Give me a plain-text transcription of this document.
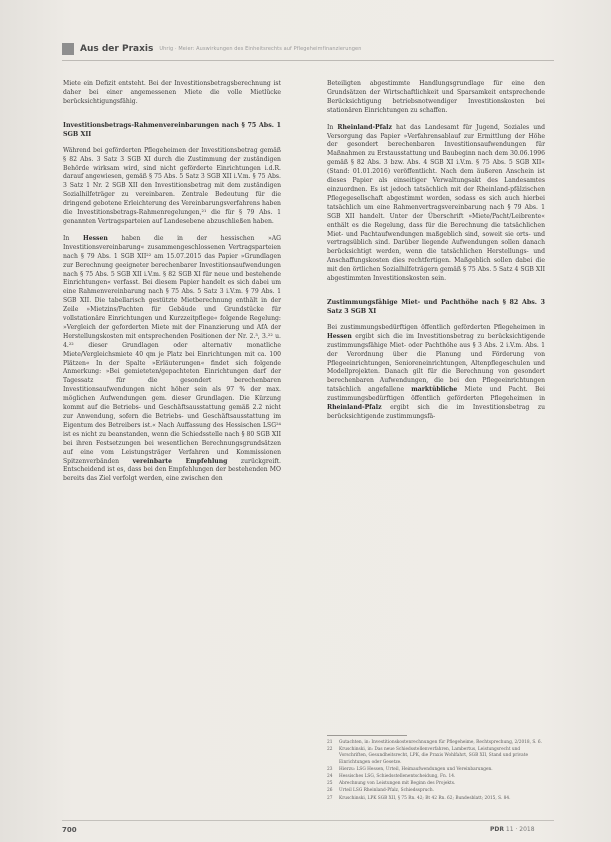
Aus der Praxis Uhrig · Meier: Auswirkungen des Einheitsrechts auf Pflegeheimfinanzierungen

Miete ein Defizit entsteht. Bei der Investitionsbetragsberechnung ist daher bei einer angemessenen Miete die volle Mietlücke berücksichtigungsfähig.

Investitionsbetrags-Rahmenvereinbarungen nach § 75 Abs. 1 SGB XII

Während bei geförderten Pflegeheimen der Investitionsbetrag gemäß § 82 Abs. 3 Satz 3 SGB XI durch die Zustimmung der zuständigen Behörde wirksam wird, sind nicht geförderte Einrichtungen i.d.R. darauf angewiesen, gemäß § 75 Abs. 5 Satz 3 SGB XII i.V.m. § 75 Abs. 3 Satz 1 Nr. 2 SGB XII den Investitionsbetrag mit dem zuständigen Sozialhilfeträger zu vereinbaren. Zentrale Bedeutung für die dringend gebotene Erleichterung des Vereinbarungsverfahrens haben die Investitionsbetrags-Rahmenregelungen,²¹ die für § 79 Abs. 1 genannten Vertragsparteien auf Landesebene abzuschließen haben.

In Hessen haben die in der hessischen »AG Investitionsvereinbarung« zusammengeschlossenen Vertragsparteien nach § 79 Abs. 1 SGB XII²² am 15.07.2015 das Papier »Grundlagen zur Berechnung geeigneter berechenbarer Investitionsaufwendungen nach § 75 Abs. 5 SGB XII i.V.m. § 82 SGB XI für neue und bestehende Einrichtungen« verfasst. Bei diesem Papier handelt es sich dabei um eine Rahmenvereinbarung nach § 75 Abs. 5 Satz 3 i.V.m. § 79 Abs. 1 SGB XII. Die tabellarisch gestützte Mietberechnung enthält in der Zeile »Mietzins/Pachten für Gebäude und Grundstücke für vollstationäre Einrichtungen und Kurzzeitpflege« folgende Regelung: »Vergleich der geforderten Miete mit der Finanzierung und AfA der Herstellungskosten mit entsprechenden Positionen der Nr. 2.³, 3.²² u. 4.²² dieser Grundlagen oder alternativ monatliche Miete/Vergleichsmiete 40 qm je Platz bei Einrichtungen mit ca. 100 Plätzen« In der Spalte »Erläuterungen« findet sich folgende Anmerkung: »Bei gemieteten/gepachteten Einrichtungen darf der Tagessatz für die gesondert berechenbaren Investitionsaufwendungen nicht höher sein als 97 % der max. möglichen Aufwendungen gem. dieser Grundlagen. Die Kürzung kommt auf die Betriebs- und Geschäftsausstattung gemäß 2.2 nicht zur Anwendung, sofern die Betriebs- und Geschäftsausstattung im Eigentum des Betreibers ist.« Nach Auffassung des Hessischen LSG²⁴ ist es nicht zu beanstanden, wenn die Schiedsstelle nach § 80 SGB XII bei ihren Festsetzungen bei wesentlichen Berechnungsgrundsätzen auf eine vom Leistungsträger Verfahren und Kommissionen Spitzenverbänden vereinbarte Empfehlung zurückgreift. Entscheidend ist es, dass bei den Empfehlungen der bestehenden MO bereits das Ziel verfolgt werden, eine zwischen den

Beteiligten abgestimmte Handlungsgrundlage für eine den Grundsätzen der Wirtschaftlichkeit und Sparsamkeit entsprechende Berücksichtigung betriebsnotwendiger Investitionskosten bei stationären Einrichtungen zu schaffen.

In Rheinland-Pfalz hat das Landesamt für Jugend, Soziales und Versorgung das Papier »Verfahrensablauf zur Ermittlung der Höhe der gesondert berechenbaren Investitionsaufwendungen für Maßnahmen zu Erstausstattung und Baubeginn nach dem 30.06.1996 gemäß § 82 Abs. 3 bzw. Abs. 4 SGB XI i.V.m. § 75 Abs. 5 SGB XII« (Stand: 01.01.2016) veröffentlicht. Nach dem äußeren Anschein ist dieses Papier als einseitiger Verwaltungsakt des Landesamtes einzuordnen. Es ist jedoch tatsächlich mit der Rheinland-pfälzischen Pflegegesellschaft abgestimmt worden, sodass es sich auch hierbei tatsächlich um eine Rahmenvertragsvereinbarung nach § 79 Abs. 1 SGB XII handelt. Unter der Überschrift »Miete/Pacht/Leibrente« enthält es die Regelung, dass für die Berechnung die tatsächlichen Miet- und Pachtaufwendungen maßgeblich sind, soweit sie orts- und vertragsüblich sind. Darüber liegende Aufwendungen sollen danach berücksichtigt werden, wenn die tatsächlichen Herstellungs- und Anschaffungskosten dies rechtfertigen. Maßgeblich sollen dabei die mit den örtlichen Sozialhilfeträgern gemäß § 75 Abs. 5 Satz 4 SGB XII abgestimmten Investitionskosten sein.

Zustimmungsfähige Miet- und Pachthöhe nach § 82 Abs. 3 Satz 3 SGB XI

Bei zustimmungsbedürftigen öffentlich geförderten Pflegeheimen in Hessen ergibt sich die im Investitionsbetrag zu berücksichtigende zustimmungsfähige Miet- oder Pachthöhe aus § 3 Abs. 2 i.V.m. Abs. 1 der Verordnung über die Planung und Förderung von Pflegeeinrichtungen, Senioreneinrichtungen, Altenpflegeschulen und Modellprojekten. Danach gilt für die Berechnung von gesondert berechenbaren Aufwendungen, die bei den Pflegeeinrichtungen tatsächlich angefallene marktübliche Miete und Pacht. Bei zustimmungsbedürftigen öffentlich geförderten Pflegeheimen in Rheinland-Pfalz ergibt sich die im Investitionsbetrag zu berücksichtigende zustimmungsfä-

21	Gutachten, in: Investitionskostenrechnungen für Pflegeheime, Rechtsprechung, 2/2018, S. 6.
22	Kruschinski, in: Das neue Schiedsstellenverfahren, Lambertus, Leistungsrecht und Vorschriften, Gesundheitsrecht, LPK, die Praxis Wohlfahrt, SGB XII, Stand und private Einrichtungen oder Gesetze.
23	Hierzu: LSG Hessen, Urteil, Heimaufwendungen und Vereinbarungen.
24	Hessisches LSG, Schiedsstellenentscheidung, Fn. 14.
25	Abrechnung von Leistungen mit Beginn des Projekts.
26	Urteil LSG Rheinland-Pfalz, Schiedsspruch.
27	Kruschinski, LPK SGB XII, § 75 Rn. 42; Bt 42 Rn. 62; Bundesblatt; 2015, S. 84.
700	PDR 11 · 2018
